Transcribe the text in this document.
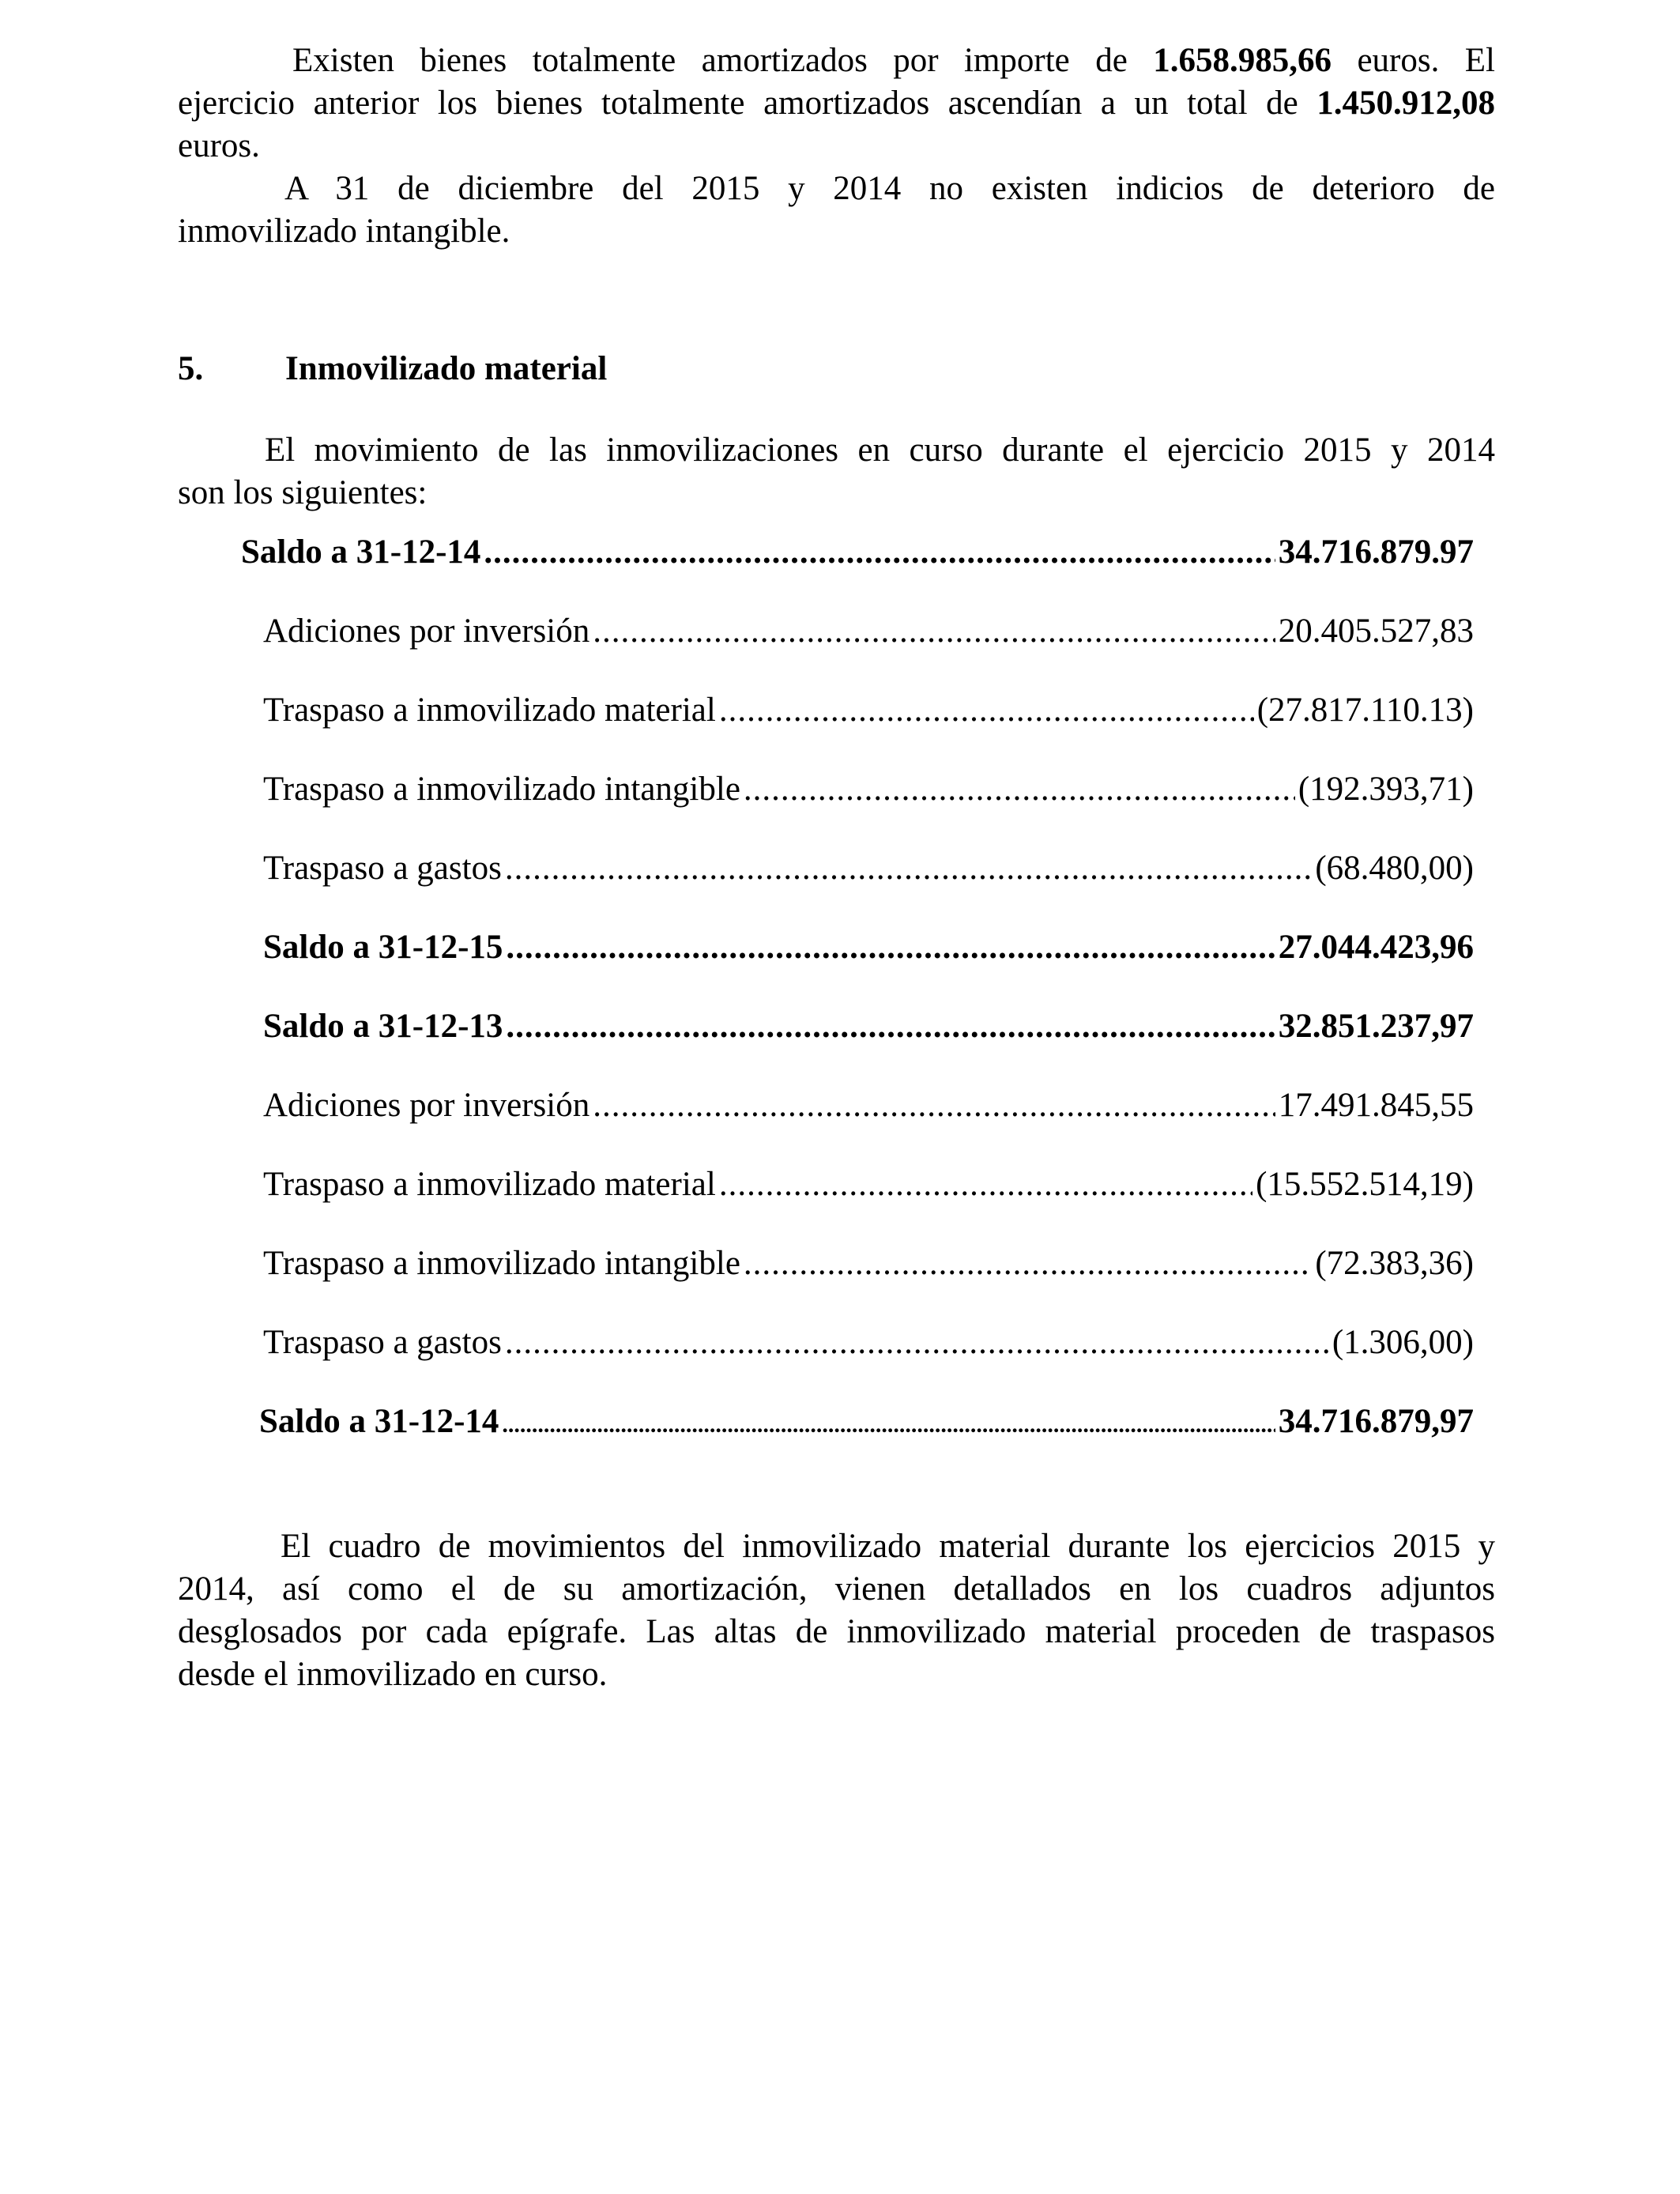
Existen bienes totalmente amortizados por importe de 1.658.985,66 euros. El
ejercicio anterior los bienes totalmente amortizados ascendían a un total de 1.450.912,08
euros.
A 31 de diciembre del 2015 y 2014 no existen indicios de deterioro de
inmovilizado intangible.
5.	Inmovilizado material
El movimiento de las inmovilizaciones en curso durante el ejercicio 2015 y 2014
son los siguientes:
Saldo a 31-12-14 .....	34.716.879.97
Adiciones por inversión .....	20.405.527,83
Traspaso a inmovilizado material .....	(27.817.110.13)
Traspaso a inmovilizado intangible .....	(192.393,71)
Traspaso a gastos .....	(68.480,00)
Saldo a 31-12-15 .....	27.044.423,96
Saldo a 31-12-13 .....	32.851.237,97
Adiciones por inversión .....	17.491.845,55
Traspaso a inmovilizado material .....	(15.552.514,19)
Traspaso a inmovilizado intangible .....	(72.383,36)
Traspaso a gastos .....	(1.306,00)
Saldo a 31-12-14 .....	34.716.879,97
El cuadro de movimientos del inmovilizado material durante los ejercicios 2015 y
2014, así como el de su amortización, vienen detallados en los cuadros adjuntos
desglosados por cada epígrafe. Las altas de inmovilizado material proceden de traspasos
desde el inmovilizado en curso.
